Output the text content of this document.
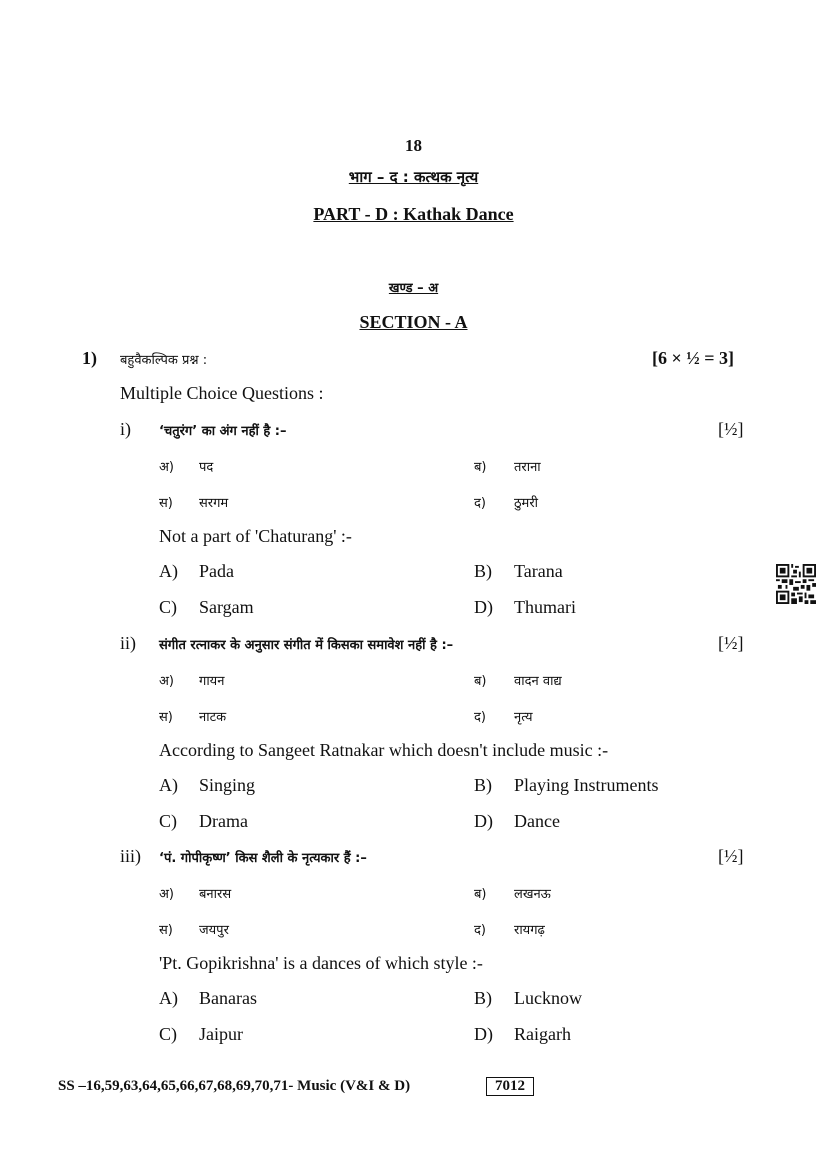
18
भाग – द : कत्थक नृत्य
PART - D : Kathak Dance
खण्ड – अ
SECTION - A
1) बहुवैकल्पिक प्रश्न :	[6 × ½ = 3]
Multiple Choice Questions :
i) ‘चतुरंग’ का अंग नहीं है :–	[½]
अ) पद	ब) तराना
स) सरगम	द) ठुमरी
Not a part of 'Chaturang' :-
A) Pada	B) Tarana
C) Sargam	D) Thumari
ii) संगीत रत्नाकर के अनुसार संगीत में किसका समावेश नहीं है :–	[½]
अ) गायन	ब) वादन वाद्य
स) नाटक	द) नृत्य
According to Sangeet Ratnakar which doesn't include music :-
A) Singing	B) Playing Instruments
C) Drama	D) Dance
iii) ‘पं. गोपीकृष्ण’ किस शैली के नृत्यकार हैं :–	[½]
अ) बनारस	ब) लखनऊ
स) जयपुर	द) रायगढ़
'Pt. Gopikrishna' is a dances of which style :-
A) Banaras	B) Lucknow
C) Jaipur	D) Raigarh
SS –16,59,63,64,65,66,67,68,69,70,71- Music (V&I & D)	7012
